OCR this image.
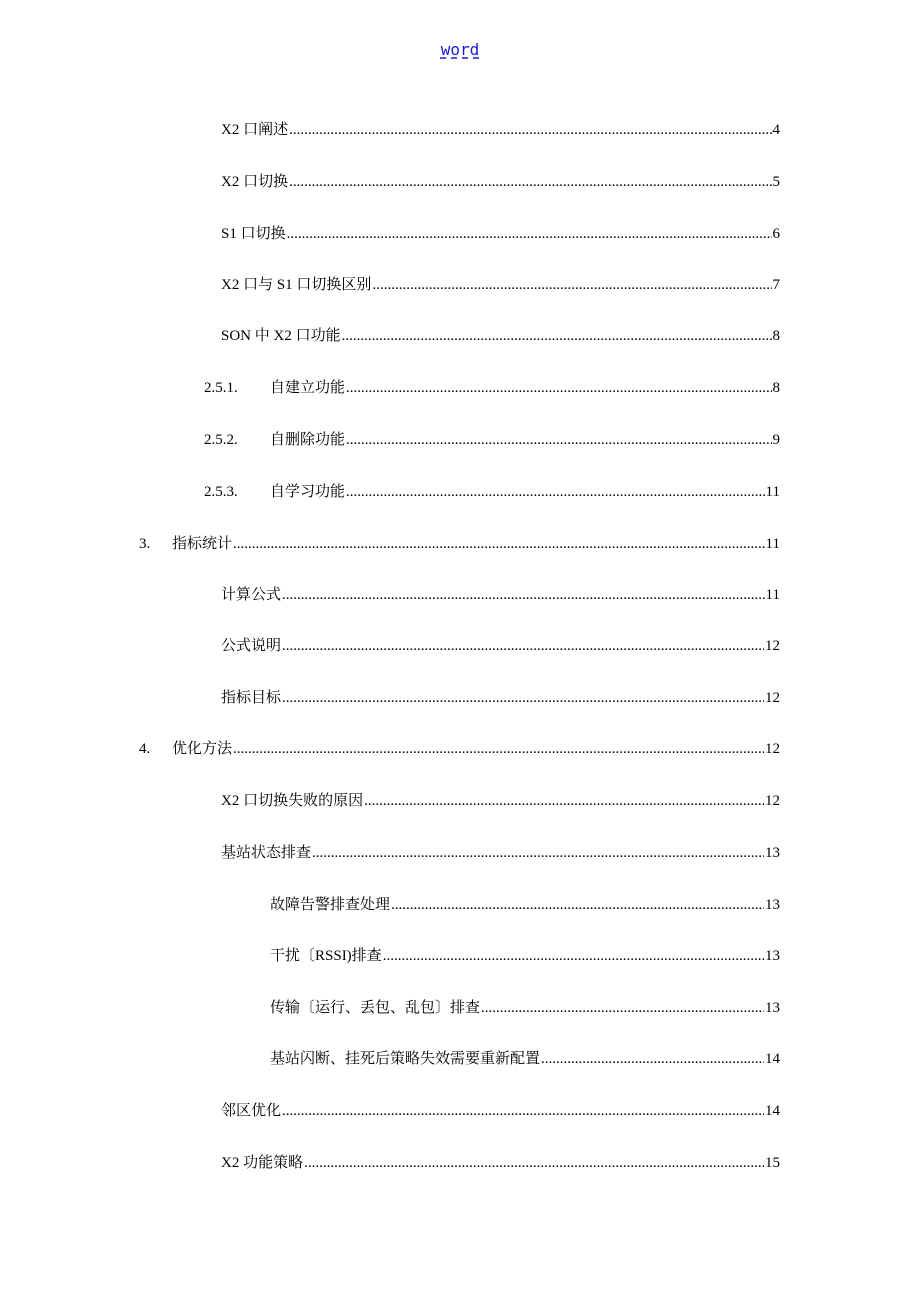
word
X2 口阐述 .....	4
X2 口切换 .....	5
S1 口切换 .....	6
X2 口与 S1 口切换区别 .....	7
SON 中 X2 口功能 .....	8
2.5.1.	自建立功能 .....	8
2.5.2.	自删除功能 .....	9
2.5.3.	自学习功能 .....	11
3.	指标统计 .....	11
计算公式 .....	11
公式说明 .....	12
指标目标 .....	12
4.	优化方法 .....	12
X2 口切换失败的原因 .....	12
基站状态排查 .....	13
故障告警排查处理 .....	13
干扰〔RSSI)排查 .....	13
传输〔运行、丢包、乱包〕排查 .....	13
基站闪断、挂死后策略失效需要重新配置 .....	14
邻区优化 .....	14
X2 功能策略 .....	15
